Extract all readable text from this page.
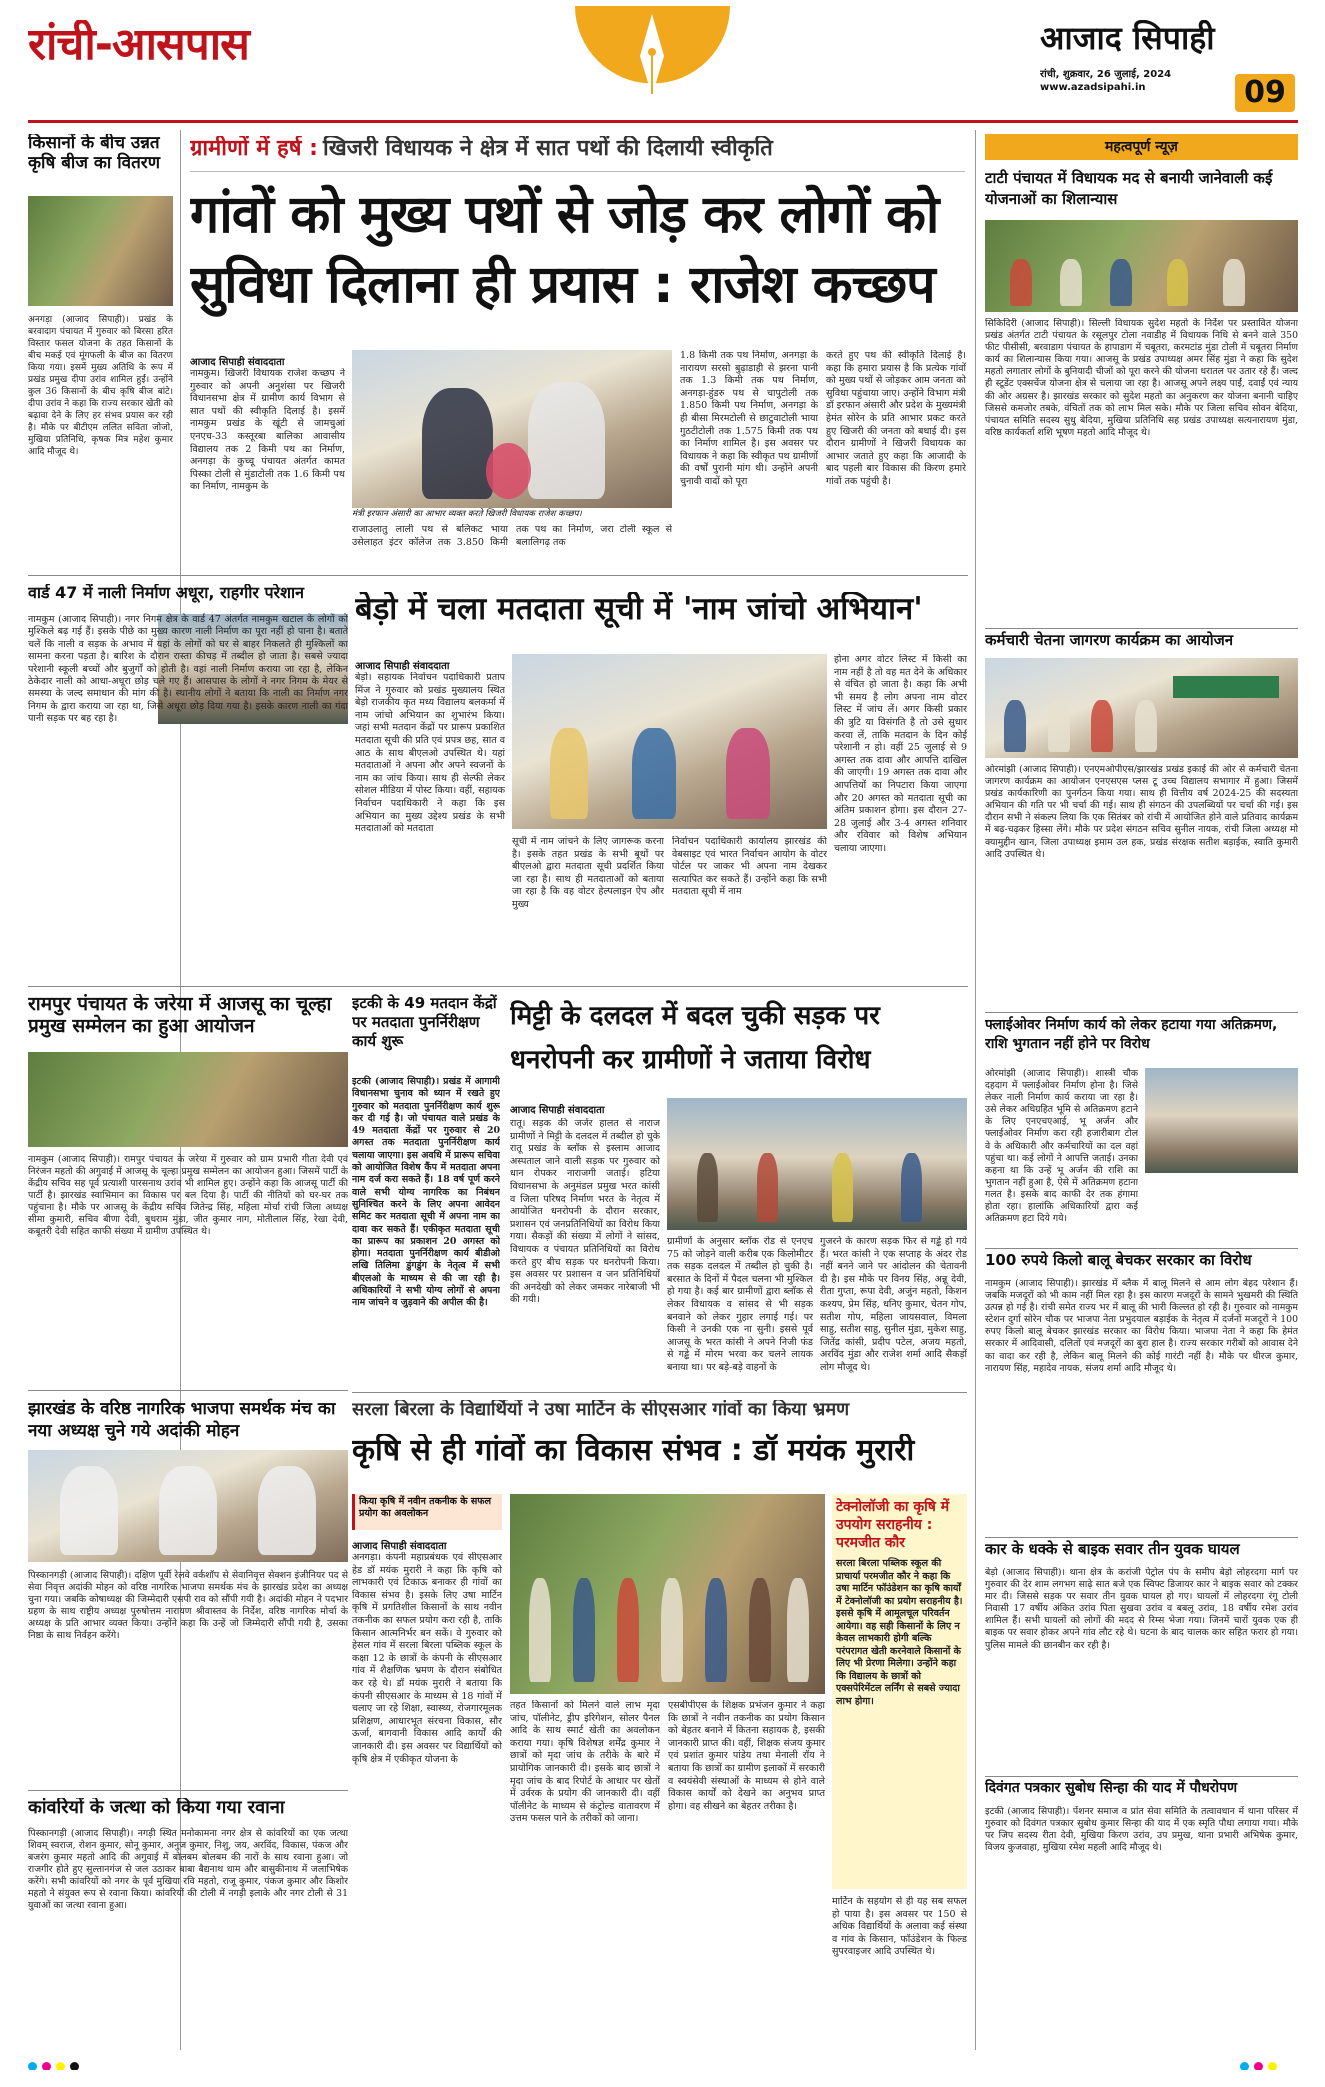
रांची-आसपास	आजाद सिपाही
रांची, शुक्रवार, 26 जुलाई, 2024
www.azadsipahi.in	09
किसानों के बीच उन्नत कृषि बीज का वितरण
अनगड़ा (आजाद सिपाही)। प्रखंड के बरवादाग पंचायत में गुरुवार को बिरसा हरित विस्तार फसल योजना के तहत किसानों के बीच मकई एवं मूंगफली के बीज का वितरण किया गया। इसमें मुख्य अतिथि के रूप में प्रखंड प्रमुख दीपा उरांव शामिल हुईं। उन्होंने कुल 36 किसानों के बीच कृषि बीज बांटे। दीपा उरांव ने कहा कि राज्य सरकार खेती को बढ़ावा देने के लिए हर संभव प्रयास कर रही है। मौके पर बीटीएम ललित सविता जोजो, मुखिया प्रतिनिधि, कृषक मित्र महेश कुमार आदि मौजूद थे।
ग्रामीणों में हर्ष : खिजरी विधायक ने क्षेत्र में सात पथों की दिलायी स्वीकृति
गांवों को मुख्य पथों से जोड़ कर लोगों को सुविधा दिलाना ही प्रयास : राजेश कच्छप
आजाद सिपाही संवाददाता
नामकुम। खिजरी विधायक राजेश कच्छप ने गुरुवार को अपनी अनुशंसा पर खिजरी विधानसभा क्षेत्र में ग्रामीण कार्य विभाग से सात पथों की स्वीकृति दिलाई है। इसमें नामकुम प्रखंड के खूंटी से जामचुआं एनएच-33 कस्तूरबा बालिका आवासीय विद्यालय तक 2 किमी पथ का निर्माण, अनगड़ा के कुच्चू पंचायत अंतर्गत कामत पिस्का टोली से मुंडाटोली तक 1.6 किमी पथ का निर्माण, नामकुम के
मंत्री इरफान अंसारी का आभार व्यक्त करते खिजरी विधायक राजेश कच्छप।
राजाउलातु लाली पथ से बलिकट भाया उसेलाहत इंटर कॉलेज तक 3.850 किमी तक पथ का निर्माण, जरा टोली स्कूल से बलालिगढ़ तक
1.8 किमी तक पथ निर्माण, अनगड़ा के नारायण सरसो बुढ़ाडाही से झरना पानी तक 1.3 किमी तक पथ निर्माण, अनगड़ा-हुंडरु पथ से चापुटोली तक 1.850 किमी पथ निर्माण, अनगड़ा के ही बीसा मिरमटोली से छाटुवाटोली भाया गुठटीटोली तक 1.575 किमी तक पथ का निर्माण शामिल है। इस अवसर पर विधायक ने कहा कि स्वीकृत पथ ग्रामीणों की वर्षों पुरानी मांग थी। उन्होंने अपनी चुनावी वादों को पूरा
करते हुए पथ की स्वीकृति दिलाई है। कहा कि हमारा प्रयास है कि प्रत्येक गांवों को मुख्य पथों से जोड़कर आम जनता को सुविधा पहुंचाया जाए। उन्होंने विभाग मंत्री डॉ इरफान अंसारी और प्रदेश के मुख्यमंत्री हेमंत सोरेन के प्रति आभार प्रकट करते हुए खिजरी की जनता को बधाई दी। इस दौरान ग्रामीणों ने खिजरी विधायक का आभार जताते हुए कहा कि आजादी के बाद पहली बार विकास की किरण हमारे गांवों तक पहुंची है।
वार्ड 47 में नाली निर्माण अधूरा, राहगीर परेशान
नामकुम (आजाद सिपाही)। नगर निगम क्षेत्र के वार्ड 47 अंतर्गत नामकुम खटाल के लोगों को मुश्किले बढ़ गई हैं। इसके पीछे का मुख्य कारण नाली निर्माण का पूरा नहीं हो पाना है। बताते चलें कि नाली व सड़क के अभाव में यहां के लोगों को घर से बाहर निकलते ही मुश्किलों का सामना करना पड़ता है। बारिश के दौरान रास्ता कीचड़ में तब्दील हो जाता है। सबसे ज्यादा परेशानी स्कूली बच्चों और बुजुर्गों को होती है। वहां नाली निर्माण कराया जा रहा है, लेकिन ठेकेदार नाली को आधा-अधूरा छोड़ चले गए हैं। आसपास के लोगों ने नगर निगम के मेयर से समस्या के जल्द समाधान की मांग की है। स्थानीय लोगों ने बताया कि नाली का निर्माण नगर निगम के द्वारा कराया जा रहा था, जिसे अधूरा छोड़ दिया गया है। इसके कारण नाली का गंदा पानी सड़क पर बह रहा है।
बेड़ो में चला मतदाता सूची में 'नाम जांचो अभियान'
आजाद सिपाही संवाददाता
बेड़ो। सहायक निर्वाचन पदाधिकारी प्रताप मिंज ने गुरुवार को प्रखंड मुख्यालय स्थित बेड़ो राजकीय कृत मध्य विद्यालय बलकर्मा में नाम जांचो अभियान का शुभारंभ किया। जहां सभी मतदान केंद्रों पर प्रारूप प्रकाशित मतदाता सूची की प्रति एवं प्रपत्र छह, सात व आठ के साथ बीएलओ उपस्थित थे। यहां मतदाताओं ने अपना और अपने स्वजनों के नाम का जांच किया। साथ ही सेल्फी लेकर सोशल मीडिया में पोस्ट किया। वहीं, सहायक निर्वाचन पदाधिकारी ने कहा कि इस अभियान का मुख्य उद्देश्य प्रखंड के सभी मतदाताओं को मतदाता
सूची में नाम जांचने के लिए जागरूक करना है। इसके तहत प्रखंड के सभी बूथों पर बीएलओ द्वारा मतदाता सूची प्रदर्शित किया जा रहा है। साथ ही मतदाताओं को बताया जा रहा है कि वह वोटर हेल्पलाइन ऐप और मुख्य
निर्वाचन पदाधिकारी कार्यालय झारखंड की वेबसाइट एवं भारत निर्वाचन आयोग के वोटर पोर्टल पर जाकर भी अपना नाम देखकर सत्यापित कर सकते हैं। उन्होंने कहा कि सभी मतदाता सूची में नाम
होना अगर वोटर लिस्ट में किसी का नाम नहीं है तो वह मत देने के अधिकार से वंचित हो जाता है। कहा कि अभी भी समय है लोग अपना नाम वोटर लिस्ट में जांच लें। अगर किसी प्रकार की त्रुटि या विसंगति है तो उसे सुधार करवा लें, ताकि मतदान के दिन कोई परेशानी न हो। वहीं 25 जुलाई से 9 अगस्त तक दावा और आपत्ति दाखिल की जाएगी। 19 अगस्त तक दावा और आपत्तियों का निपटारा किया जाएगा और 20 अगस्त को मतदाता सूची का अंतिम प्रकाशन होगा। इस दौरान 27-28 जुलाई और 3-4 अगस्त शनिवार और रविवार को विशेष अभियान चलाया जाएगा।
रामपुर पंचायत के जरेया में आजसू का चूल्हा प्रमुख सम्मेलन का हुआ आयोजन
नामकुम (आजाद सिपाही)। रामपुर पंचायत के जरेया में गुरुवार को ग्राम प्रभारी गीता देवी एवं निरंजन महतो की अगुवाई में आजसू के चूल्हा प्रमुख सम्मेलन का आयोजन हुआ। जिसमें पार्टी के केंद्रीय सचिव सह पूर्व प्रत्याशी पारसनाथ उरांव भी शामिल हुए। उन्होंने कहा कि आजसू पार्टी की पार्टी है। झारखंड स्वाभिमान का विकास पर बल दिया है। पार्टी की नीतियों को घर-घर तक पहुंचाना है। मौके पर आजसू के केंद्रीय सचिव जितेन्द्र सिंह, महिला मोर्चा रांची जिला अध्यक्ष सीमा कुमारी, सचिव बीणा देवी, बुधराम मुंडा, जीत कुमार नाग, मोतीलाल सिंह, रेखा देवी, कबूतरी देवी सहित काफी संख्या में ग्रामीण उपस्थित थे।
इटकी के 49 मतदान केंद्रों पर मतदाता पुनर्निरीक्षण कार्य शुरू
इटकी (आजाद सिपाही)। प्रखंड में आगामी विधानसभा चुनाव को ध्यान में रखते हुए गुरुवार को मतदाता पुनर्निरीक्षण कार्य शुरू कर दी गई है। जो पंचायत वाले प्रखंड के 49 मतदाता केंद्रों पर गुरुवार से 20 अगस्त तक मतदाता पुनर्निरीक्षण कार्य चलाया जाएगा। इस अवधि में प्रारूप सचिवा को आयोजित विशेष कैंप में मतदाता अपना नाम दर्ज करा सकते हैं। 18 वर्ष पूर्ण करने वाले सभी योग्य नागरिक का निबंधन सुनिश्चित करने के लिए अपना आवेदन समिट कर मतदाता सूची में अपना नाम का दावा कर सकते हैं। एकीकृत मतदाता सूची का प्रारूप का प्रकाशन 20 अगस्त को होगा। मतदाता पुनर्निरीक्षण कार्य बीडीओ लखि तिलिमा डुंगडुंग के नेतृत्व में सभी बीएलओ के माध्यम से की जा रही है। अधिकारियों ने सभी योग्य लोगों से अपना नाम जांचने व जुड़वाने की अपील की है।
मिट्टी के दलदल में बदल चुकी सड़क पर धनरोपनी कर ग्रामीणों ने जताया विरोध
आजाद सिपाही संवाददाता
रातू। सड़क की जर्जर हालत से नाराज ग्रामीणों ने मिट्टी के दलदल में तब्दील हो चुके रातू प्रखंड के ब्लॉक से इस्लाम आजाद अस्पताल जाने वाली सड़क पर गुरुवार को धान रोपकर नाराजगी जताई। हटिया विधानसभा के अनुमंडल प्रमुख भरत कांसी व जिला परिषद निर्माण भरत के नेतृत्व में आयोजित धनरोपनी के दौरान सरकार, प्रशासन एवं जनप्रतिनिधियों का विरोध किया गया। सैकड़ों की संख्या में लोगों ने सांसद, विधायक व पंचायत प्रतिनिधियों का विरोध करते हुए बीच सड़क पर धनरोपनी किया। इस अवसर पर प्रशासन व जन प्रतिनिधियों की अनदेखी को लेकर जमकर नारेबाजी भी की गयी।
ग्रामीणों के अनुसार ब्लॉक रोड से एनएच 75 को जोड़ने वाली करीब एक किलोमीटर तक सड़क दलदल में तब्दील हो चुकी है। बरसात के दिनों में पैदल चलना भी मुश्किल हो गया है। कई बार ग्रामीणों द्वारा ब्लॉक से लेकर विधायक व सांसद से भी सड़क बनवाने को लेकर गुहार लगाई गई। पर किसी ने उनकी एक ना सुनी। इससे पूर्व आजसू के भरत कांसी ने अपने निजी फंड से गड्ढे में मोरम भरवा कर चलने लायक बनाया था। पर बड़े-बड़े वाहनों के
गुजरने के कारण सड़क फिर से गड्ढे हो गये हैं। भरत कांसी ने एक सप्ताह के अंदर रोड नहीं बनने जाने पर आंदोलन की चेतावनी दी है। इस मौके पर विनय सिंह, अन्नू देवी, रीता गुप्ता, रूपा देवी, अजुंन महतो, किशन कश्यप, प्रेम सिंह, धनिए कुमार, चेतन गोप, सतीश गोप, महिला जायसवाल, विमला साहु, सतीश साहु, सुनील मुंडा, मुकेश साहु, जितेंद्र कांसी, प्रदीप पटेल, अजय महतो, अरविंद मुंडा और राजेश शर्मा आदि सैकड़ों लोग मौजूद थे।
झारखंड के वरिष्ठ नागरिक भाजपा समर्थक मंच का नया अध्यक्ष चुने गये अदांकी मोहन
पिस्कानगड़ी (आजाद सिपाही)। दक्षिण पूर्वी रेलवे वर्कशॉप से सेवानिवृत्त सेक्शन इंजीनियर पद से सेवा निवृत्त अदांकी मोहन को वरिष्ठ नागरिक भाजपा समर्थक मंच के झारखंड प्रदेश का अध्यक्ष चुना गया। जबकि कोषाध्यक्ष की जिम्मेदारी एसपी राव को सौंपी गयी है। अदांकी मोहन ने पदभार ग्रहण के साथ राष्ट्रीय अध्यक्ष पुरुषोत्तम नारायण श्रीवास्तव के निर्देश, वरिष्ठ नागरिक मोर्चा के अध्यक्ष के प्रति आभार व्यक्त किया। उन्होंने कहा कि उन्हें जो जिम्मेदारी सौंपी गयी है, उसका निष्ठा के साथ निर्वहन करेंगे।
कांवरियों के जत्था को किया गया रवाना
पिस्कानगड़ी (आजाद सिपाही)। नगड़ी स्थित मनोकामना नगर क्षेत्र से कांवरियों का एक जत्था शिवम् स्वराज, रोशन कुमार, सोनू कुमार, अनुज कुमार, निशु, जय, अरविंद, विकास, पंकज और बजरंग कुमार महतो आदि की अगुवाई में बोलबम बोलबम की नारों के साथ रवाना हुआ। जो राजगीर होते हुए सुल्तानगंज से जल उठाकर बाबा बैद्यनाथ धाम और बासुकीनाथ में जलाभिषेक करेंगे। सभी कांवरियों को नगर के पूर्व मुखिया रवि महतो, राजू कुमार, पंकज कुमार और किशोर महतो ने संयुक्त रूप से रवाना किया। कांवरियों की टोली में नगड़ी इलाके और नगर टोली से 31 युवाओं का जत्था रवाना हुआ।
सरला बिरला के विद्यार्थियों ने उषा मार्टिन के सीएसआर गांवों का किया भ्रमण
कृषि से ही गांवों का विकास संभव : डॉ मयंक मुरारी
किया कृषि में नवीन तकनीक के सफल प्रयोग का अवलोकन
आजाद सिपाही संवाददाता
अनगड़ा। कंपनी महाप्रबंधक एवं सीएसआर हेड डॉ मयंक मुरारी ने कहा कि कृषि को लाभकारी एवं टिकाऊ बनाकर ही गांवों का विकास संभव है। इसके लिए उषा मार्टिन कृषि में प्रगतिशील किसानों के साथ नवीन तकनीक का सफल प्रयोग करा रही है, ताकि किसान आत्मनिर्भर बन सकें। वे गुरुवार को हेसल गांव में सरला बिरला पब्लिक स्कूल के कक्षा 12 के छात्रों के कंपनी के सीएसआर गांव में शैक्षणिक भ्रमण के दौरान संबोधित कर रहे थे। डॉ मयंक मुरारी ने बताया कि कंपनी सीएसआर के माध्यम से 18 गांवों में चलाए जा रहे शिक्षा, स्वास्थ्य, रोजगारमूलक प्रशिक्षण, आधारभूत संरचना विकास, सौर ऊर्जा, बागवानी विकास आदि कार्यों की जानकारी दी। इस अवसर पर विद्यार्थियों को कृषि क्षेत्र में एकीकृत योजना के
तहत किसानों को मिलने वाले लाभ मृदा जांच, पॉलीनेट, ड्रीप इरिगेशन, सोलर पैनल आदि के साथ स्मार्ट खेती का अवलोकन कराया गया। कृषि विशेषज्ञ शर्मेंद्र कुमार ने छात्रों को मृदा जांच के तरीके के बारे में प्रायोगिक जानकारी दी। इसके बाद छात्रों ने मृदा जांच के बाद रिपोर्ट के आधार पर खेतों में उर्वरक के प्रयोग की जानकारी दी। वहीं पॉलीनेट के माध्यम से कंट्रोल्ड वातावरण में उत्तम फसल पाने के तरीकों को जाना।
एसबीपीएस के शिक्षक प्रभंजन कुमार ने कहा कि छात्रों ने नवीन तकनीक का प्रयोग किसान को बेहतर बनाने में कितना सहायक है, इसकी जानकारी प्राप्त की। वहीं, शिक्षक संजय कुमार एवं प्रशांत कुमार पांडेय तथा मेनाली रॉय ने बताया कि छात्रों का ग्रामीण इलाकों में सरकारी व स्वयंसेवी संस्थाओं के माध्यम से होने वाले विकास कार्यों को देखने का अनुभव प्राप्त होगा। वह सीखने का बेहतर तरीका है।
टेक्नोलॉजी का कृषि में उपयोग सराहनीय : परमजीत कौर
सरला बिरला पब्लिक स्कूल की प्राचार्या परमजीत कौर ने कहा कि उषा मार्टिन फॉउंडेशन का कृषि कार्यों में टेक्नोलॉजी का प्रयोग सराहनीय है। इससे कृषि में आमूलचूल परिवर्तन आयेगा। वह सही किसानों के लिए न केवल लाभकारी होगी बल्कि परंपरागत खेती करनेवाले किसानों के लिए भी प्रेरणा मिलेगा। उन्होंने कहा कि विद्यालय के छात्रों को एक्सपेरिमेंटल लर्निंग से सबसे ज्यादा लाभ होगा।
मार्टिन के सहयोग से ही यह सब सफल हो पाया है। इस अवसर पर 150 से अधिक विद्यार्थियों के अलावा कई संस्था व गांव के किसान, फॉउंडेशन के फिल्ड सुपरवाइजर आदि उपस्थित थे।
महत्वपूर्ण न्यूज़
टाटी पंचायत में विधायक मद से बनायी जानेवाली कई योजनाओं का शिलान्यास
सिकिदिरी (आजाद सिपाही)। सिल्ली विधायक सुदेश महतो के निर्देश पर प्रस्तावित योजना प्रखंड अंतर्गत टाटी पंचायत के रसूलपुर टोला नवाडीह में विधायक निधि से बनने वाले 350 फीट पीसीसी, बरवाडाग पंचायत के हापाडाग में चबूतरा, करमटांड मुंडा टोली में चबूतरा निर्माण कार्य का शिलान्यास किया गया। आजसू के प्रखंड उपाध्यक्ष अमर सिंह मुंडा ने कहा कि सुदेश महतो लगातार लोगों के बुनियादी चीजों को पूरा करने की योजना धरातल पर उतार रहे हैं। जल्द ही स्टूडेंट एक्सचेंज योजना क्षेत्र से चलाया जा रहा है। आजसू अपने लक्ष्य पाईं, दवाईं एवं न्याय की ओर अग्रसर है। झारखंड सरकार को सुदेश महतो का अनुकरण कर योजना बनानी चाहिए जिससे कमजोर तबके, वंचितों तक को लाभ मिल सके। मौके पर जिला सचिव सोवन बेदिया, पंचायत समिति सदस्य सुधु बेदिया, मुखिया प्रतिनिधि सह प्रखंड उपाध्यक्ष सत्यनारायण मुंडा, वरिष्ठ कार्यकर्ता शशि भूषण महतो आदि मौजूद थे।
कर्मचारी चेतना जागरण कार्यक्रम का आयोजन
ओरमांझी (आजाद सिपाही)। एनएमओपीएस/झारखंड प्रखंड इकाई की ओर से कर्मचारी चेतना जागरण कार्यक्रम का आयोजन एनएसएस प्लस टू उच्च विद्यालय सभागार में हुआ। जिसमें प्रखंड कार्यकारिणी का पुनर्गठन किया गया। साथ ही वित्तीय वर्ष 2024-25 की सदस्यता अभियान की गति पर भी चर्चा की गई। साथ ही संगठन की उपलब्धियों पर चर्चा की गई। इस दौरान सभी ने संकल्प लिया कि एक सितंबर को रांची में आयोजित होने वाले प्रतिवाद कार्यक्रम में बढ़-चढ़कर हिस्सा लेंगे। मौके पर प्रदेश संगठन सचिव सुनील नायक, रांची जिला अध्यक्ष मो क्यामुद्दीन खान, जिला उपाध्यक्ष इमाम उल हक, प्रखंड संरक्षक सतीश बड़ाईक, स्वाति कुमारी आदि उपस्थित थे।
फ्लाईओवर निर्माण कार्य को लेकर हटाया गया अतिक्रमण, राशि भुगतान नहीं होने पर विरोध
ओरमांझी (आजाद सिपाही)। शास्त्री चौक दहदाग में फ्लाईओवर निर्माण होना है। जिसे लेकर नाली निर्माण कार्य कराया जा रहा है। उसे लेकर अधिग्रहित भूमि से अतिक्रमण हटाने के लिए एनएचएआई, भू अर्जन और फ्लाईओवर निर्माण करा रही हजारीबाग टोल वे के अधिकारी और कर्मचारियों का दल वहां पहुंचा था। कई लोगों ने आपत्ति जताई। उनका कहना था कि उन्हें भू अर्जन की राशि का भुगतान नहीं हुआ है, ऐसे में अतिक्रमण हटाना गलत है। इसके बाद काफी देर तक हंगामा होता रहा। हालांकि अधिकारियों द्वारा कई अतिक्रमण हटा दिये गये।
100 रुपये किलो बालू बेचकर सरकार का विरोध
नामकुम (आजाद सिपाही)। झारखंड में ब्लैक में बालू मिलने से आम लोग बेहद परेशान हैं। जबकि मजदूरों को भी काम नहीं मिल रहा है। इस कारण मजदूरों के सामने भुखमरी की स्थिति उत्पन्न हो गई है। रांची समेत राज्य भर में बालू की भारी किल्लत हो रही है। गुरुवार को नामकुम स्टेशन दुर्गा सोरेन चौक पर भाजपा नेता प्रभुदयाल बड़ाईक के नेतृत्व में दर्जनों मजदूरों ने 100 रुपए किलो बालू बेचकर झारखंड सरकार का विरोध किया। भाजपा नेता ने कहा कि हेमंत सरकार में आदिवासी, दलितों एवं मजदूरों का बुरा हाल है। राज्य सरकार गरीबों को आवास देने का वादा कर रही है, लेकिन बालू मिलने की कोई गारंटी नहीं है। मौके पर धीरज कुमार, नारायण सिंह, महादेव नायक, संजय शर्मा आदि मौजूद थे।
कार के धक्के से बाइक सवार तीन युवक घायल
बेड़ो (आजाद सिपाही)। थाना क्षेत्र के करांजी पेट्रोल पंप के समीप बेड़ो लोहरदगा मार्ग पर गुरुवार की देर शाम लगभग साढ़े सात बजे एक स्विफ्ट डिजायर कार ने बाइक सवार को टक्कर मार दी। जिससे सड़क पर सवार तीन युवक घायल हो गए। घायलों में लोहरदगा रंगू टोली निवासी 17 वर्षीय अंकित उरांव पिता सुखवा उरांव व बबलू उरांव, 18 वर्षीय रमेश उरांव शामिल हैं। सभी घायलों को लोगों की मदद से रिम्स भेजा गया। जिनमें चारों युवक एक ही बाइक पर सवार होकर अपने गांव लौट रहे थे। घटना के बाद चालक कार सहित फरार हो गया। पुलिस मामले की छानबीन कर रही है।
दिवंगत पत्रकार सुबोध सिन्हा की याद में पौधरोपण
इटकी (आजाद सिपाही)। पेंशनर समाज व प्रांत सेवा समिति के तत्वावधान में थाना परिसर में गुरुवार को दिवंगत पत्रकार सुबोध कुमार सिन्हा की याद में एक स्मृति पौधा लगाया गया। मौके पर जिप सदस्य रीता देवी, मुखिया किरण उरांव, उप प्रमुख, थाना प्रभारी अभिषेक कुमार, विजय कुजवाहा, मुखिया रमेश महली आदि मौजूद थे।
